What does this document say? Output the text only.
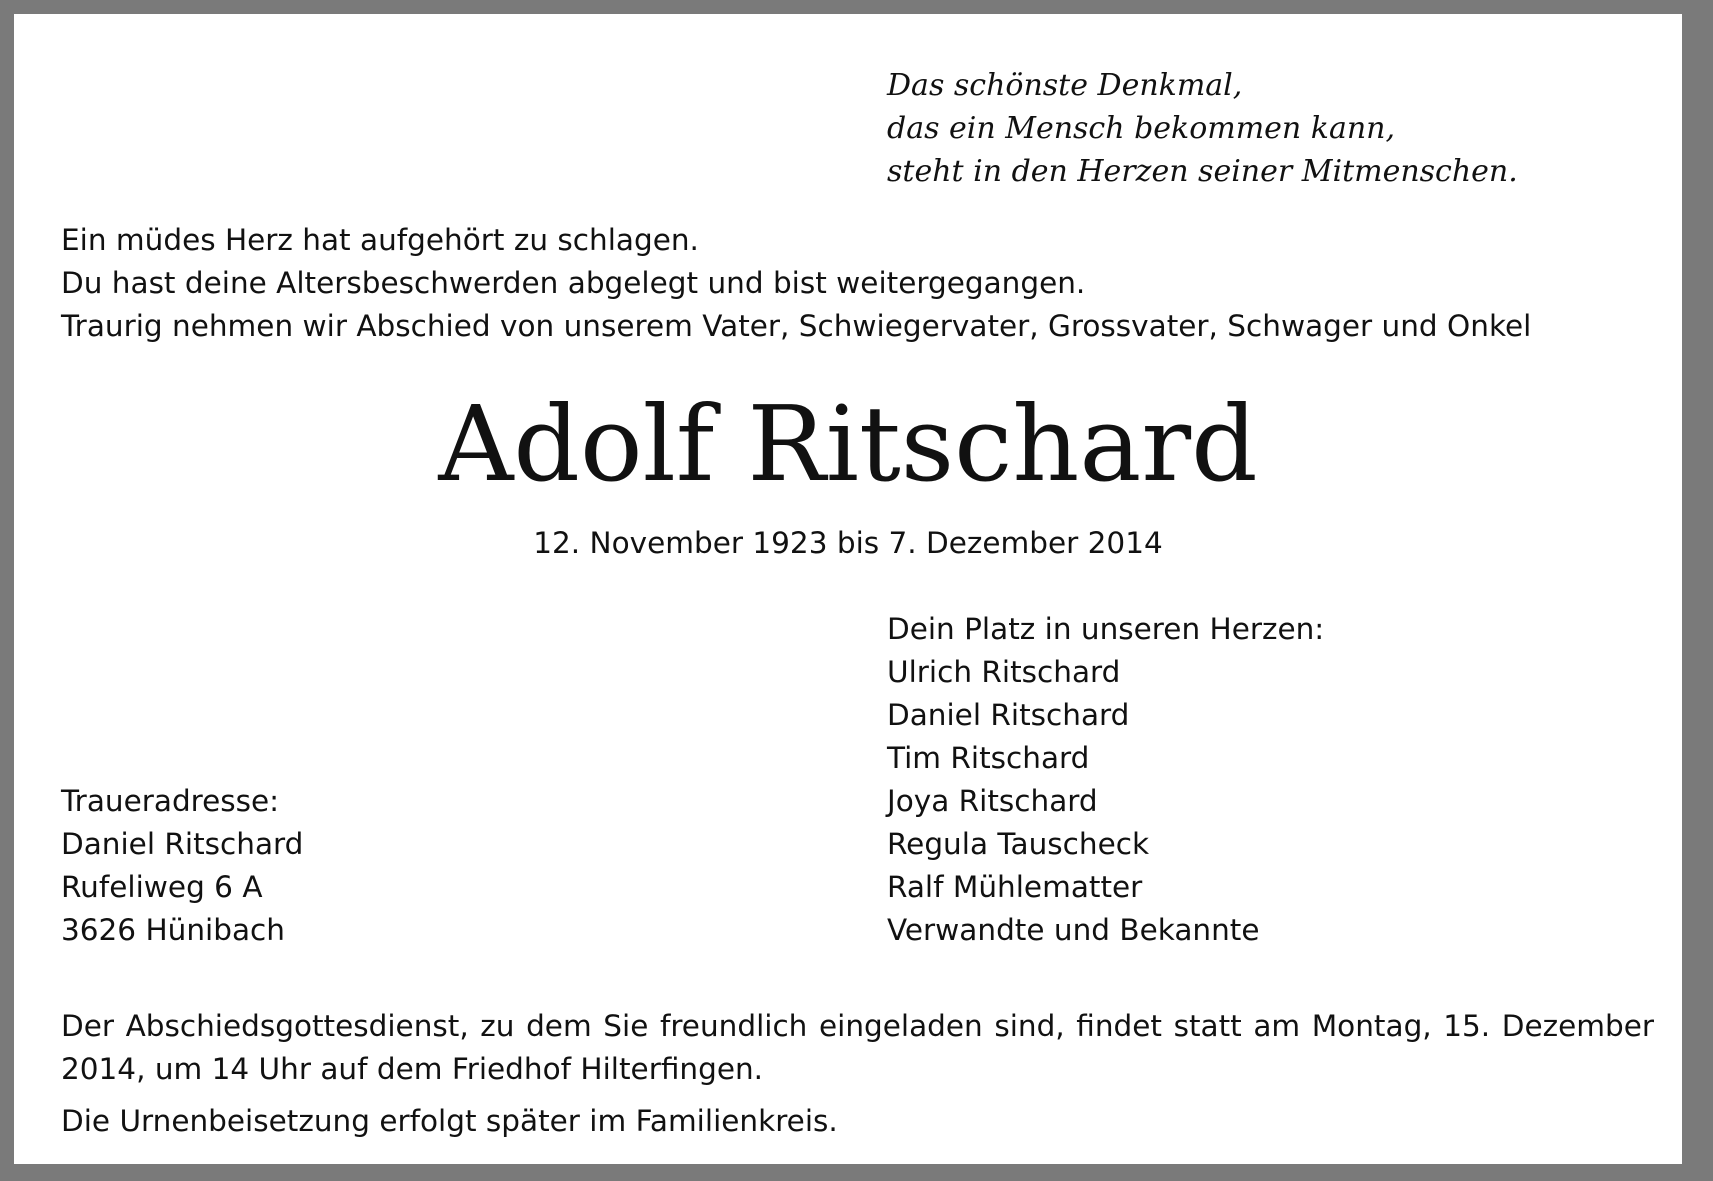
Das schönste Denkmal,
das ein Mensch bekommen kann,
steht in den Herzen seiner Mitmenschen.
Ein müdes Herz hat aufgehört zu schlagen.
Du hast deine Altersbeschwerden abgelegt und bist weitergegangen.
Traurig nehmen wir Abschied von unserem Vater, Schwiegervater, Grossvater, Schwager und Onkel
Adolf Ritschard
12. November 1923 bis 7. Dezember 2014
Dein Platz in unseren Herzen:
Ulrich Ritschard
Daniel Ritschard
Tim Ritschard
Joya Ritschard
Regula Tauscheck
Ralf Mühlematter
Verwandte und Bekannte
Traueradresse:
Daniel Ritschard
Rufeliweg 6 A
3626 Hünibach
Der Abschiedsgottesdienst, zu dem Sie freundlich eingeladen sind, findet statt am Montag, 15. Dezember 2014, um 14 Uhr auf dem Friedhof Hilterfingen.
Die Urnenbeisetzung erfolgt später im Familienkreis.
